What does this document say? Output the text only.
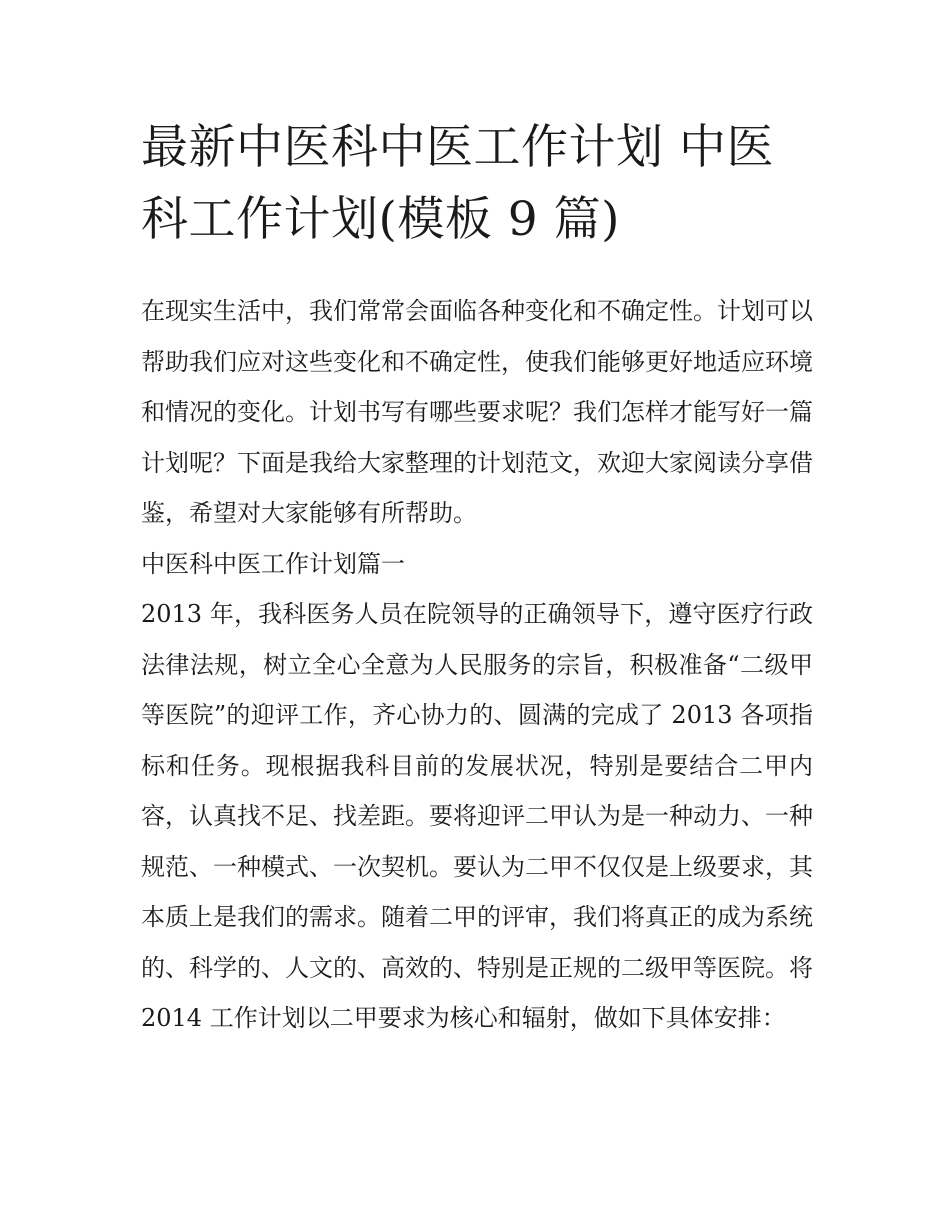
最新中医科中医工作计划 中医科工作计划(模板 9 篇)

在现实生活中，我们常常会面临各种变化和不确定性。计划可以帮助我们应对这些变化和不确定性，使我们能够更好地适应环境和情况的变化。计划书写有哪些要求呢？我们怎样才能写好一篇计划呢？下面是我给大家整理的计划范文，欢迎大家阅读分享借鉴，希望对大家能够有所帮助。

中医科中医工作计划篇一

2013 年，我科医务人员在院领导的正确领导下，遵守医疗行政法律法规，树立全心全意为人民服务的宗旨，积极准备“二级甲等医院”的迎评工作，齐心协力的、圆满的完成了 2013 各项指标和任务。现根据我科目前的发展状况，特别是要结合二甲内容，认真找不足、找差距。要将迎评二甲认为是一种动力、一种规范、一种模式、一次契机。要认为二甲不仅仅是上级要求，其本质上是我们的需求。随着二甲的评审，我们将真正的成为系统的、科学的、人文的、高效的、特别是正规的二级甲等医院。将 2014 工作计划以二甲要求为核心和辐射，做如下具体安排：
